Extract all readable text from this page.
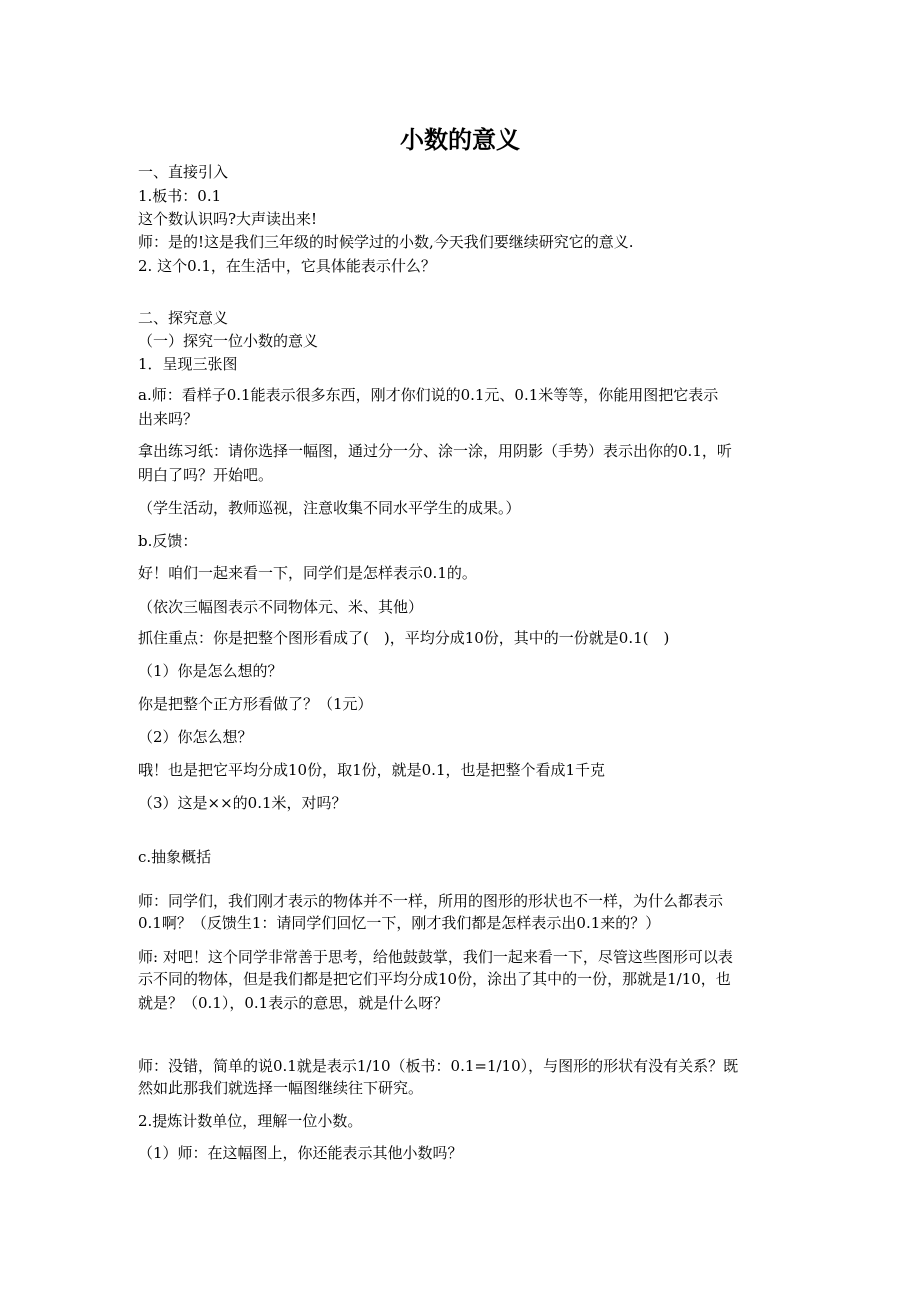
小数的意义
一、直接引入
1.板书：0.1
这个数认识吗?大声读出来!
师：是的!这是我们三年级的时候学过的小数,今天我们要继续研究它的意义.
2. 这个0.1，在生活中，它具体能表示什么？
二、探究意义
（一）探究一位小数的意义
1．呈现三张图
a.师：看样子0.1能表示很多东西，刚才你们说的0.1元、0.1米等等，你能用图把它表示
出来吗？
拿出练习纸：请你选择一幅图，通过分一分、涂一涂，用阴影（手势）表示出你的0.1，听
明白了吗？开始吧。
（学生活动，教师巡视，注意收集不同水平学生的成果。）
b.反馈：
好！咱们一起来看一下，同学们是怎样表示0.1的。
（依次三幅图表示不同物体元、米、其他）
抓住重点：你是把整个图形看成了(　)，平均分成10份，其中的一份就是0.1(　)
（1）你是怎么想的？
你是把整个正方形看做了？（1元）
（2）你怎么想？
哦！也是把它平均分成10份，取1份，就是0.1，也是把整个看成1千克
（3）这是××的0.1米，对吗？
c.抽象概括
师：同学们，我们刚才表示的物体并不一样，所用的图形的形状也不一样，为什么都表示
0.1啊？（反馈生1：请同学们回忆一下，刚才我们都是怎样表示出0.1来的？）
师: 对吧！这个同学非常善于思考，给他鼓鼓掌，我们一起来看一下，尽管这些图形可以表
示不同的物体，但是我们都是把它们平均分成10份，涂出了其中的一份，那就是1/10，也
就是？（0.1），0.1表示的意思，就是什么呀？
师：没错，简单的说0.1就是表示1/10（板书：0.1=1/10），与图形的形状有没有关系？既
然如此那我们就选择一幅图继续往下研究。
2.提炼计数单位，理解一位小数。
（1）师：在这幅图上，你还能表示其他小数吗？
